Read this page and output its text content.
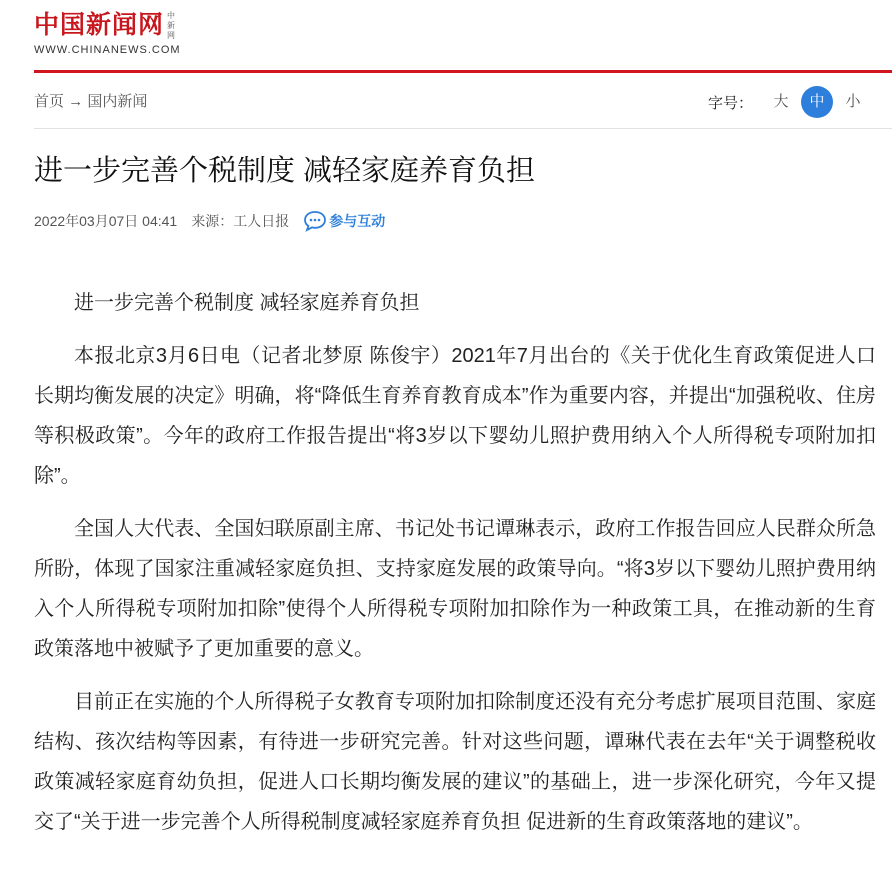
中国新闻网 中新网
WWW.CHINANEWS.COM
首页 → 国内新闻	字号：	大	中	小
进一步完善个税制度 减轻家庭养育负担
2022年03月07日 04:41 来源：工人日报	参与互动

进一步完善个税制度 减轻家庭养育负担

本报北京3月6日电（记者北梦原 陈俊宇）2021年7月出台的《关于优化生育政策促进人口长期均衡发展的决定》明确，将“降低生育养育教育成本”作为重要内容，并提出“加强税收、住房等积极政策”。今年的政府工作报告提出“将3岁以下婴幼儿照护费用纳入个人所得税专项附加扣除”。

全国人大代表、全国妇联原副主席、书记处书记谭琳表示，政府工作报告回应人民群众所急所盼，体现了国家注重减轻家庭负担、支持家庭发展的政策导向。“将3岁以下婴幼儿照护费用纳入个人所得税专项附加扣除”使得个人所得税专项附加扣除作为一种政策工具，在推动新的生育政策落地中被赋予了更加重要的意义。

目前正在实施的个人所得税子女教育专项附加扣除制度还没有充分考虑扩展项目范围、家庭结构、孩次结构等因素，有待进一步研究完善。针对这些问题，谭琳代表在去年“关于调整税收政策减轻家庭育幼负担，促进人口长期均衡发展的建议”的基础上，进一步深化研究，今年又提交了“关于进一步完善个人所得税制度减轻家庭养育负担 促进新的生育政策落地的建议”。
